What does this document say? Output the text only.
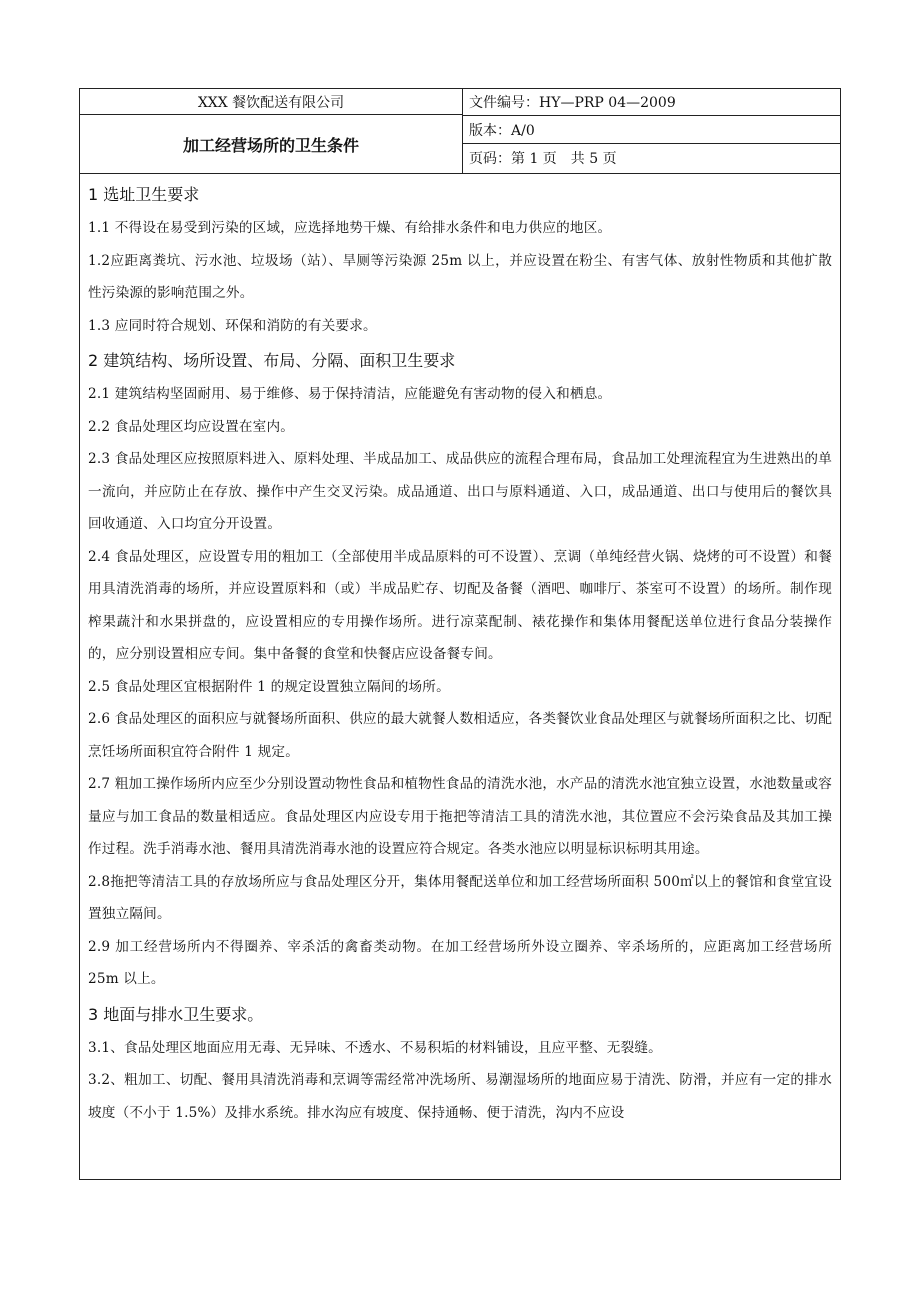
XXX 餐饮配送有限公司
加工经营场所的卫生条件
文件编号：HY—PRP 04—2009
版本：A/0
页码：第 1 页　共 5 页
1 选址卫生要求

1.1 不得设在易受到污染的区域，应选择地势干燥、有给排水条件和电力供应的地区。

1.2应距离粪坑、污水池、垃圾场（站）、旱厕等污染源 25m 以上，并应设置在粉尘、有害气体、放射性物质和其他扩散性污染源的影响范围之外。

1.3 应同时符合规划、环保和消防的有关要求。

2 建筑结构、场所设置、布局、分隔、面积卫生要求

2.1 建筑结构坚固耐用、易于维修、易于保持清洁，应能避免有害动物的侵入和栖息。

2.2 食品处理区均应设置在室内。

2.3 食品处理区应按照原料进入、原料处理、半成品加工、成品供应的流程合理布局，食品加工处理流程宜为生进熟出的单一流向，并应防止在存放、操作中产生交叉污染。成品通道、出口与原料通道、入口，成品通道、出口与使用后的餐饮具回收通道、入口均宜分开设置。

2.4 食品处理区，应设置专用的粗加工（全部使用半成品原料的可不设置）、烹调（单纯经营火锅、烧烤的可不设置）和餐用具清洗消毒的场所，并应设置原料和（或）半成品贮存、切配及备餐（酒吧、咖啡厅、茶室可不设置）的场所。制作现榨果蔬汁和水果拼盘的，应设置相应的专用操作场所。进行凉菜配制、裱花操作和集体用餐配送单位进行食品分装操作的，应分别设置相应专间。集中备餐的食堂和快餐店应设备餐专间。

2.5 食品处理区宜根据附件 1 的规定设置独立隔间的场所。

2.6 食品处理区的面积应与就餐场所面积、供应的最大就餐人数相适应，各类餐饮业食品处理区与就餐场所面积之比、切配烹饪场所面积宜符合附件 1 规定。

2.7 粗加工操作场所内应至少分别设置动物性食品和植物性食品的清洗水池，水产品的清洗水池宜独立设置，水池数量或容量应与加工食品的数量相适应。食品处理区内应设专用于拖把等清洁工具的清洗水池，其位置应不会污染食品及其加工操作过程。洗手消毒水池、餐用具清洗消毒水池的设置应符合规定。各类水池应以明显标识标明其用途。

2.8拖把等清洁工具的存放场所应与食品处理区分开，集体用餐配送单位和加工经营场所面积 500㎡以上的餐馆和食堂宜设置独立隔间。

2.9 加工经营场所内不得圈养、宰杀活的禽畜类动物。在加工经营场所外设立圈养、宰杀场所的，应距离加工经营场所 25m 以上。

3 地面与排水卫生要求。

3.1、食品处理区地面应用无毒、无异味、不透水、不易积垢的材料铺设，且应平整、无裂缝。

3.2、粗加工、切配、餐用具清洗消毒和烹调等需经常冲洗场所、易潮湿场所的地面应易于清洗、防滑，并应有一定的排水坡度（不小于 1.5%）及排水系统。排水沟应有坡度、保持通畅、便于清洗，沟内不应设
